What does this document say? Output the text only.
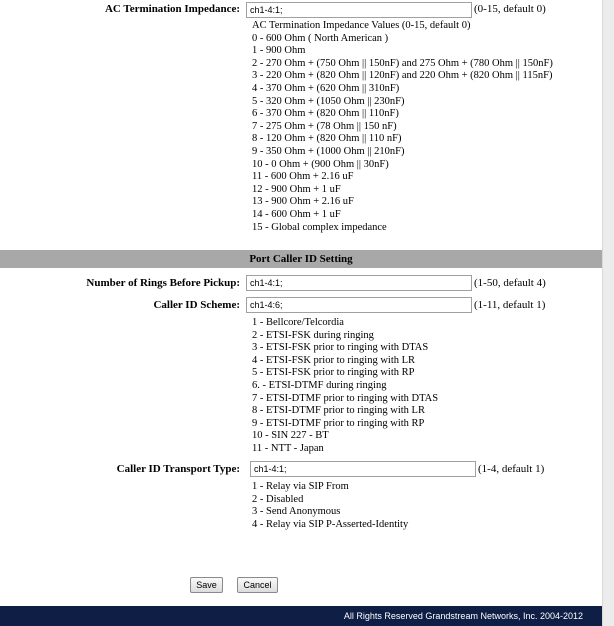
AC Termination Impedance:	ch1-4:1;	(0-15, default 0)
AC Termination Impedance Values (0-15, default 0)
0 - 600 Ohm ( North American )
1 - 900 Ohm
2 - 270 Ohm + (750 Ohm || 150nF) and 275 Ohm + (780 Ohm || 150nF)
3 - 220 Ohm + (820 Ohm || 120nF) and 220 Ohm + (820 Ohm || 115nF)
4 - 370 Ohm + (620 Ohm || 310nF)
5 - 320 Ohm + (1050 Ohm || 230nF)
6 - 370 Ohm + (820 Ohm || 110nF)
7 - 275 Ohm + (78 Ohm || 150 nF)
8 - 120 Ohm + (820 Ohm || 110 nF)
9 - 350 Ohm + (1000 Ohm || 210nF)
10 - 0 Ohm + (900 Ohm || 30nF)
11 - 600 Ohm + 2.16 uF
12 - 900 Ohm + 1 uF
13 - 900 Ohm + 2.16 uF
14 - 600 Ohm + 1 uF
15 - Global complex impedance
Port Caller ID Setting
Number of Rings Before Pickup:	ch1-4:1;	(1-50, default 4)
Caller ID Scheme:	ch1-4:6;	(1-11, default 1)
1 - Bellcore/Telcordia
2 - ETSI-FSK during ringing
3 - ETSI-FSK prior to ringing with DTAS
4 - ETSI-FSK prior to ringing with LR
5 - ETSI-FSK prior to ringing with RP
6. - ETSI-DTMF during ringing
7 - ETSI-DTMF prior to ringing with DTAS
8 - ETSI-DTMF prior to ringing with LR
9 - ETSI-DTMF prior to ringing with RP
10 - SIN 227 - BT
11 - NTT - Japan
Caller ID Transport Type:	ch1-4:1;	(1-4, default 1)
1 - Relay via SIP From
2 - Disabled
3 - Send Anonymous
4 - Relay via SIP P-Asserted-Identity
Save	Cancel
All Rights Reserved Grandstream Networks, Inc. 2004-2012
